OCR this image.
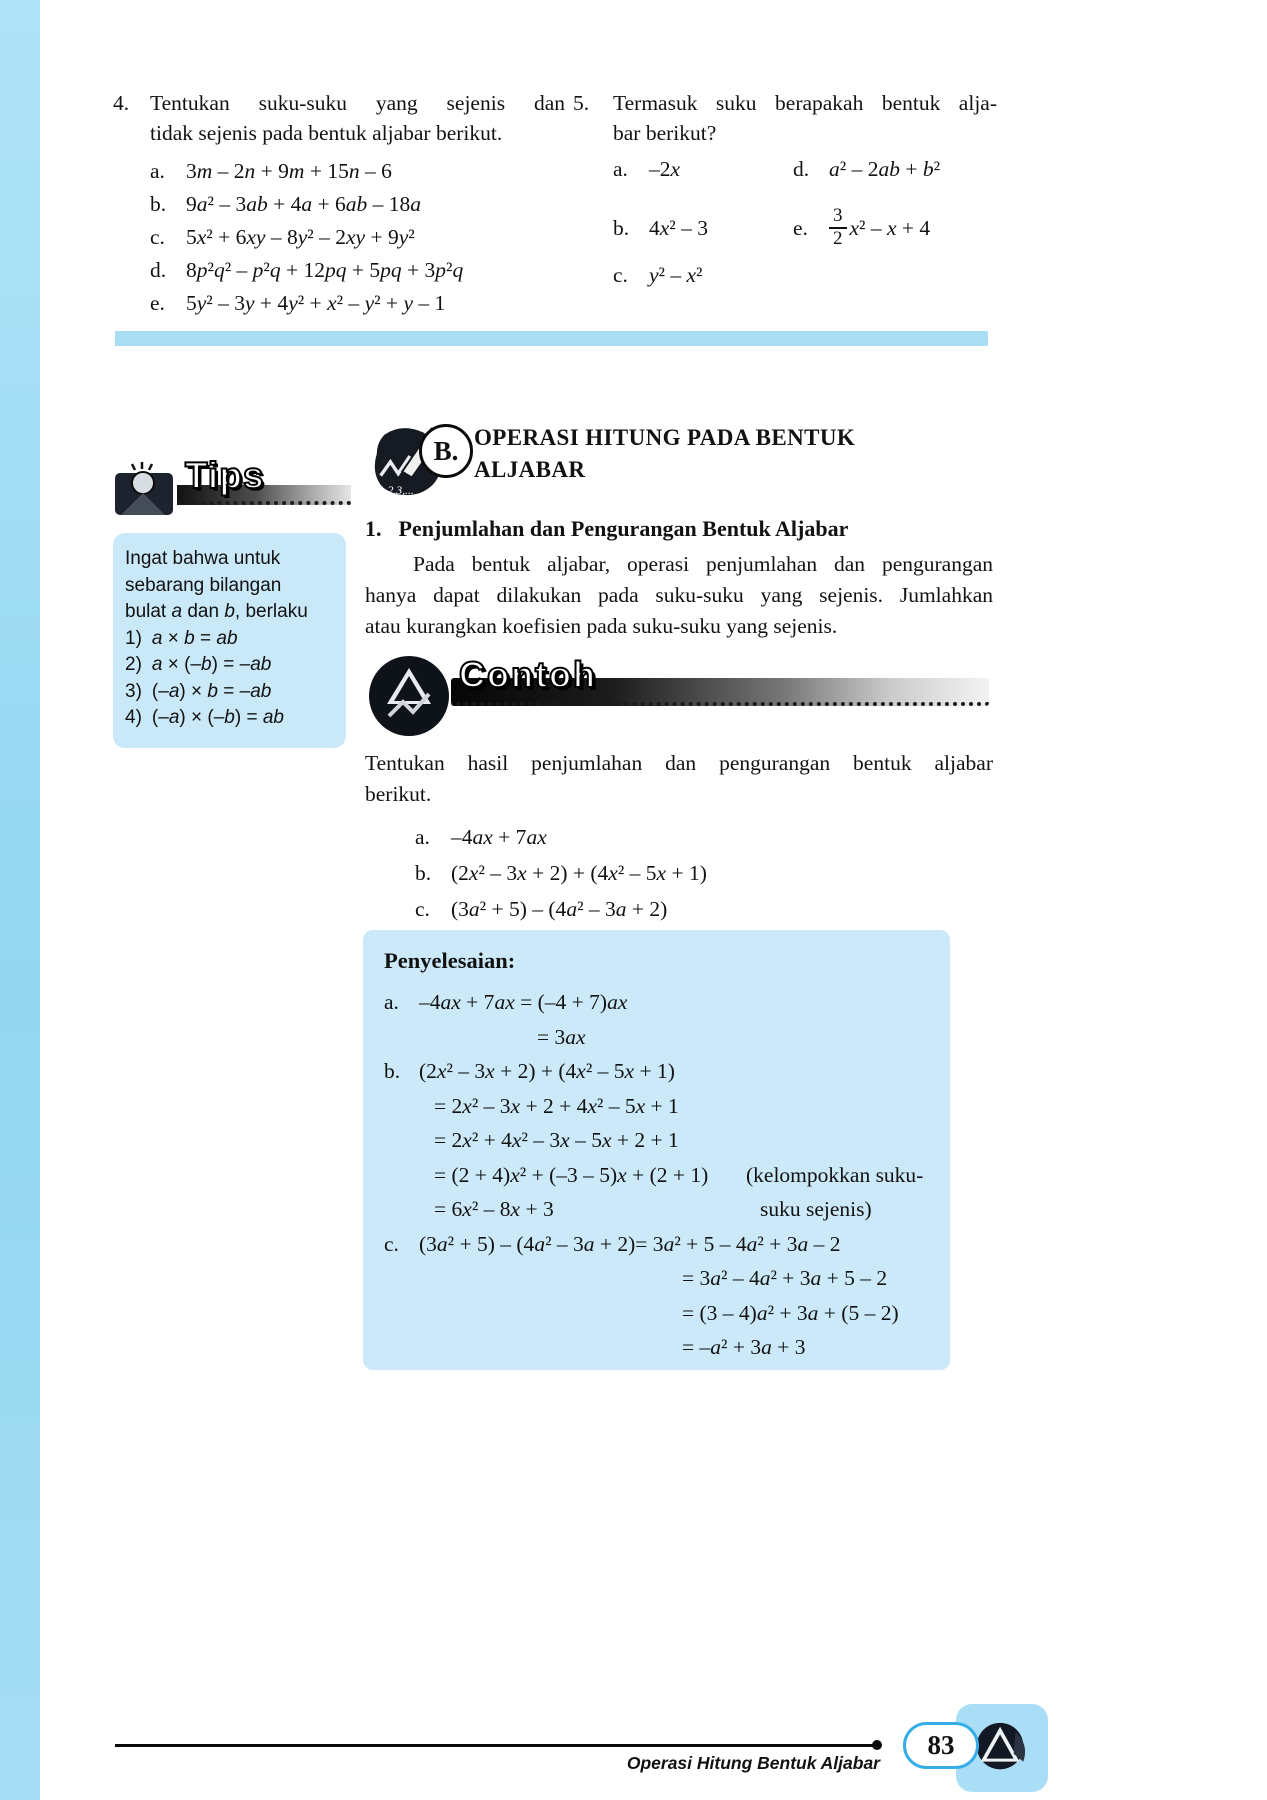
4. Tentukan suku-suku yang sejenis dan
tidak sejenis pada bentuk aljabar berikut.
a. 3m – 2n + 9m + 15n – 6
b. 9a² – 3ab + 4a + 6ab – 18a
c. 5x² + 6xy – 8y² – 2xy + 9y²
d. 8p²q² – p²q + 12pq + 5pq + 3p²q
e. 5y² – 3y + 4y² + x² – y² + y – 1
5.	Termasuk suku berapakah bentuk alja-
bar berikut?
a. –2x	d. a² – 2ab + b²
b. 4x² – 3	e.	$\frac{3}{2} x^2 - x + 4$
c. y² – x²
Tips
Ingat bahwa untuk
sebarang bilangan
bulat a dan b, berlaku
1) a × b = ab
2) a × (–b) = –ab
3) (–a) × b = –ab
4) (–a) × (–b) = ab
1,2,3,...
B. OPERASI HITUNG PADA BENTUK
ALJABAR
1. Penjumlahan dan Pengurangan Bentuk Aljabar

Pada bentuk aljabar, operasi penjumlahan dan pengurangan
hanya dapat dilakukan pada suku-suku yang sejenis. Jumlahkan
atau kurangkan koefisien pada suku-suku yang sejenis.

Contoh
Tentukan hasil penjumlahan dan pengurangan bentuk aljabar
berikut.
a. –4ax + 7ax
b. (2x² – 3x + 2) + (4x² – 5x + 1)
c. (3a² + 5) – (4a² – 3a + 2)
Penyelesaian:
a. –4ax + 7ax = (–4 + 7)ax
= 3ax
b. (2x² – 3x + 2) + (4x² – 5x + 1)
= 2x² – 3x + 2 + 4x² – 5x + 1
= 2x² + 4x² – 3x – 5x + 2 + 1
= (2 + 4)x² + (–3 – 5)x + (2 + 1) (kelompokkan suku-
= 6x² – 8x + 3	suku sejenis)
c. (3a² + 5) – (4a² – 3a + 2)= 3a² + 5 – 4a² + 3a – 2
= 3a² – 4a² + 3a + 5 – 2
= (3 – 4)a² + 3a + (5 – 2)
= –a² + 3a + 3
Operasi Hitung Bentuk Aljabar
83
